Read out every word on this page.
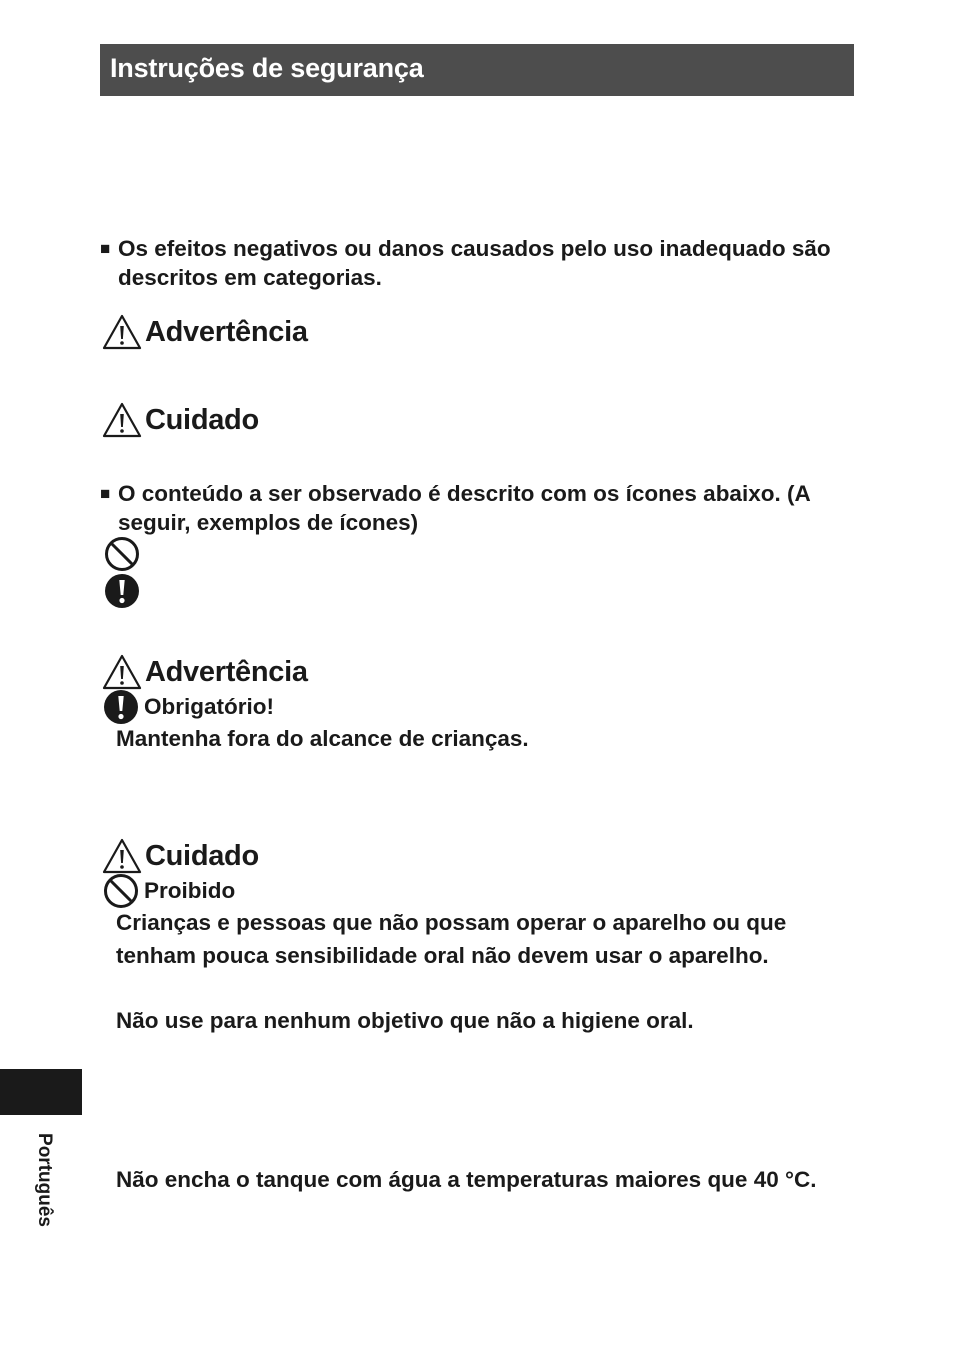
Instruções de segurança
■ Os efeitos negativos ou danos causados pelo uso inadequado são descritos em categorias.
Advertência
Cuidado
■ O conteúdo a ser observado é descrito com os ícones abaixo. (A seguir, exemplos de ícones)
Advertência
Obrigatório!
Mantenha fora do alcance de crianças.
Cuidado
Proibido
Crianças e pessoas que não possam operar o aparelho ou que tenham pouca sensibilidade oral não devem usar o aparelho.
Não use para nenhum objetivo que não a higiene oral.
Não encha o tanque com água a temperaturas maiores que 40 °C.
Português
